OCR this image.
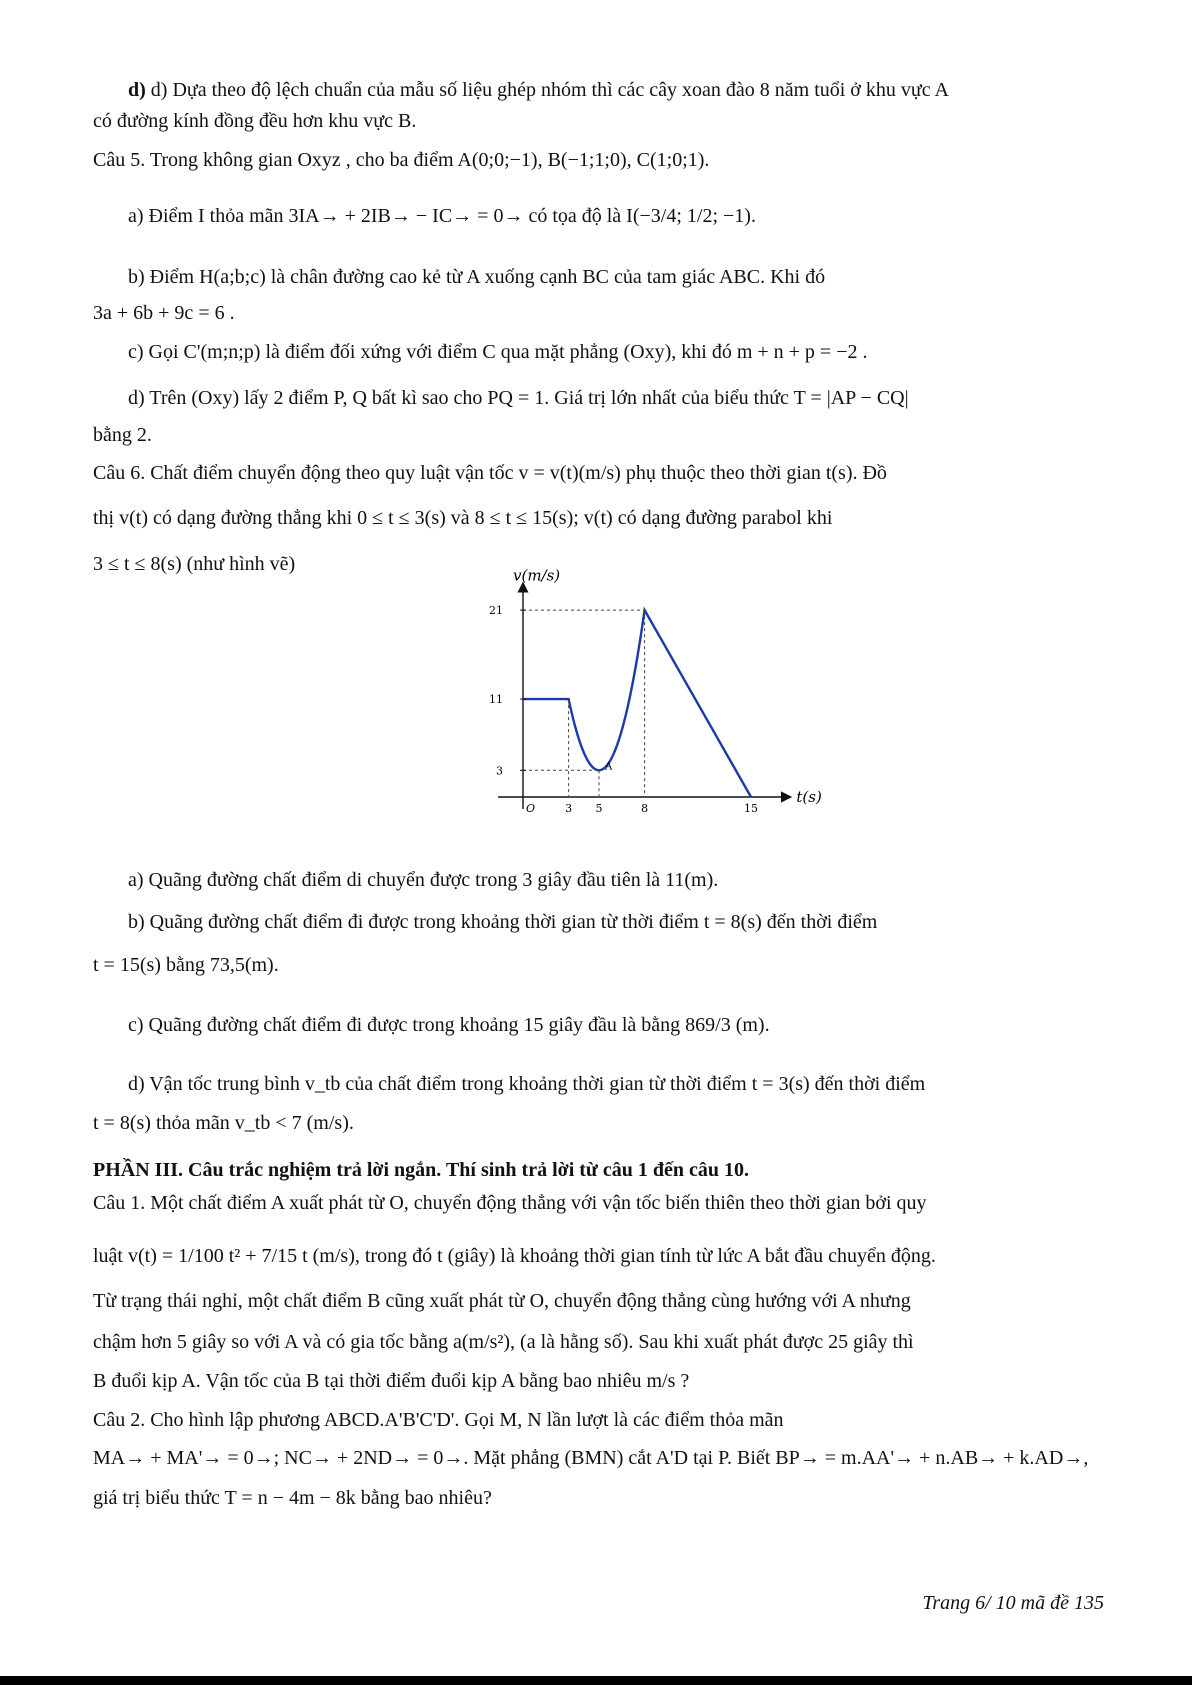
d) d) Dựa theo độ lệch chuẩn của mẫu số liệu ghép nhóm thì các cây xoan đào 8 năm tuổi ở khu vực A
có đường kính đồng đều hơn khu vực B.
Câu 5. Trong không gian Oxyz , cho ba điểm A(0;0;−1), B(−1;1;0), C(1;0;1).
a) Điểm I thỏa mãn 3IA→ + 2IB→ − IC→ = 0→ có tọa độ là I(−3/4; 1/2; −1).
b) Điểm H(a;b;c) là chân đường cao kẻ từ A xuống cạnh BC của tam giác ABC. Khi đó
3a + 6b + 9c = 6 .
c) Gọi C'(m;n;p) là điểm đối xứng với điểm C qua mặt phẳng (Oxy), khi đó m + n + p = −2 .
d) Trên (Oxy) lấy 2 điểm P, Q bất kì sao cho PQ = 1. Giá trị lớn nhất của biểu thức T = |AP − CQ|
bằng 2.
Câu 6. Chất điểm chuyển động theo quy luật vận tốc v = v(t)(m/s) phụ thuộc theo thời gian t(s). Đồ
thị v(t) có dạng đường thẳng khi 0 ≤ t ≤ 3(s) và 8 ≤ t ≤ 15(s); v(t) có dạng đường parabol khi
3 ≤ t ≤ 8(s) (như hình vẽ)
v(m/s)
t(s)
O
3
11
21
3 5	8	15
A
a) Quãng đường chất điểm di chuyển được trong 3 giây đầu tiên là 11(m).
b) Quãng đường chất điểm đi được trong khoảng thời gian từ thời điểm t = 8(s) đến thời điểm
t = 15(s) bằng 73,5(m).
c) Quãng đường chất điểm đi được trong khoảng 15 giây đầu là bằng 869/3 (m).
d) Vận tốc trung bình v_tb của chất điểm trong khoảng thời gian từ thời điểm t = 3(s) đến thời điểm
t = 8(s) thỏa mãn v_tb < 7 (m/s).
PHẦN III. Câu trắc nghiệm trả lời ngắn. Thí sinh trả lời từ câu 1 đến câu 10.
Câu 1. Một chất điểm A xuất phát từ O, chuyển động thẳng với vận tốc biến thiên theo thời gian bởi quy
luật v(t) = 1/100 t² + 7/15 t (m/s), trong đó t (giây) là khoảng thời gian tính từ lức A bắt đầu chuyển động.
Từ trạng thái nghỉ, một chất điểm B cũng xuất phát từ O, chuyển động thẳng cùng hướng với A nhưng
chậm hơn 5 giây so với A và có gia tốc bằng a(m/s²), (a là hằng số). Sau khi xuất phát được 25 giây thì
B đuổi kịp A. Vận tốc của B tại thời điểm đuổi kịp A bằng bao nhiêu m/s ?
Câu 2. Cho hình lập phương ABCD.A'B'C'D'. Gọi M, N lần lượt là các điểm thỏa mãn
MA→ + MA'→ = 0→; NC→ + 2ND→ = 0→. Mặt phẳng (BMN) cắt A'D tại P. Biết BP→ = m.AA'→ + n.AB→ + k.AD→,
giá trị biểu thức T = n − 4m − 8k bằng bao nhiêu?
Trang 6/ 10 mã đề 135
